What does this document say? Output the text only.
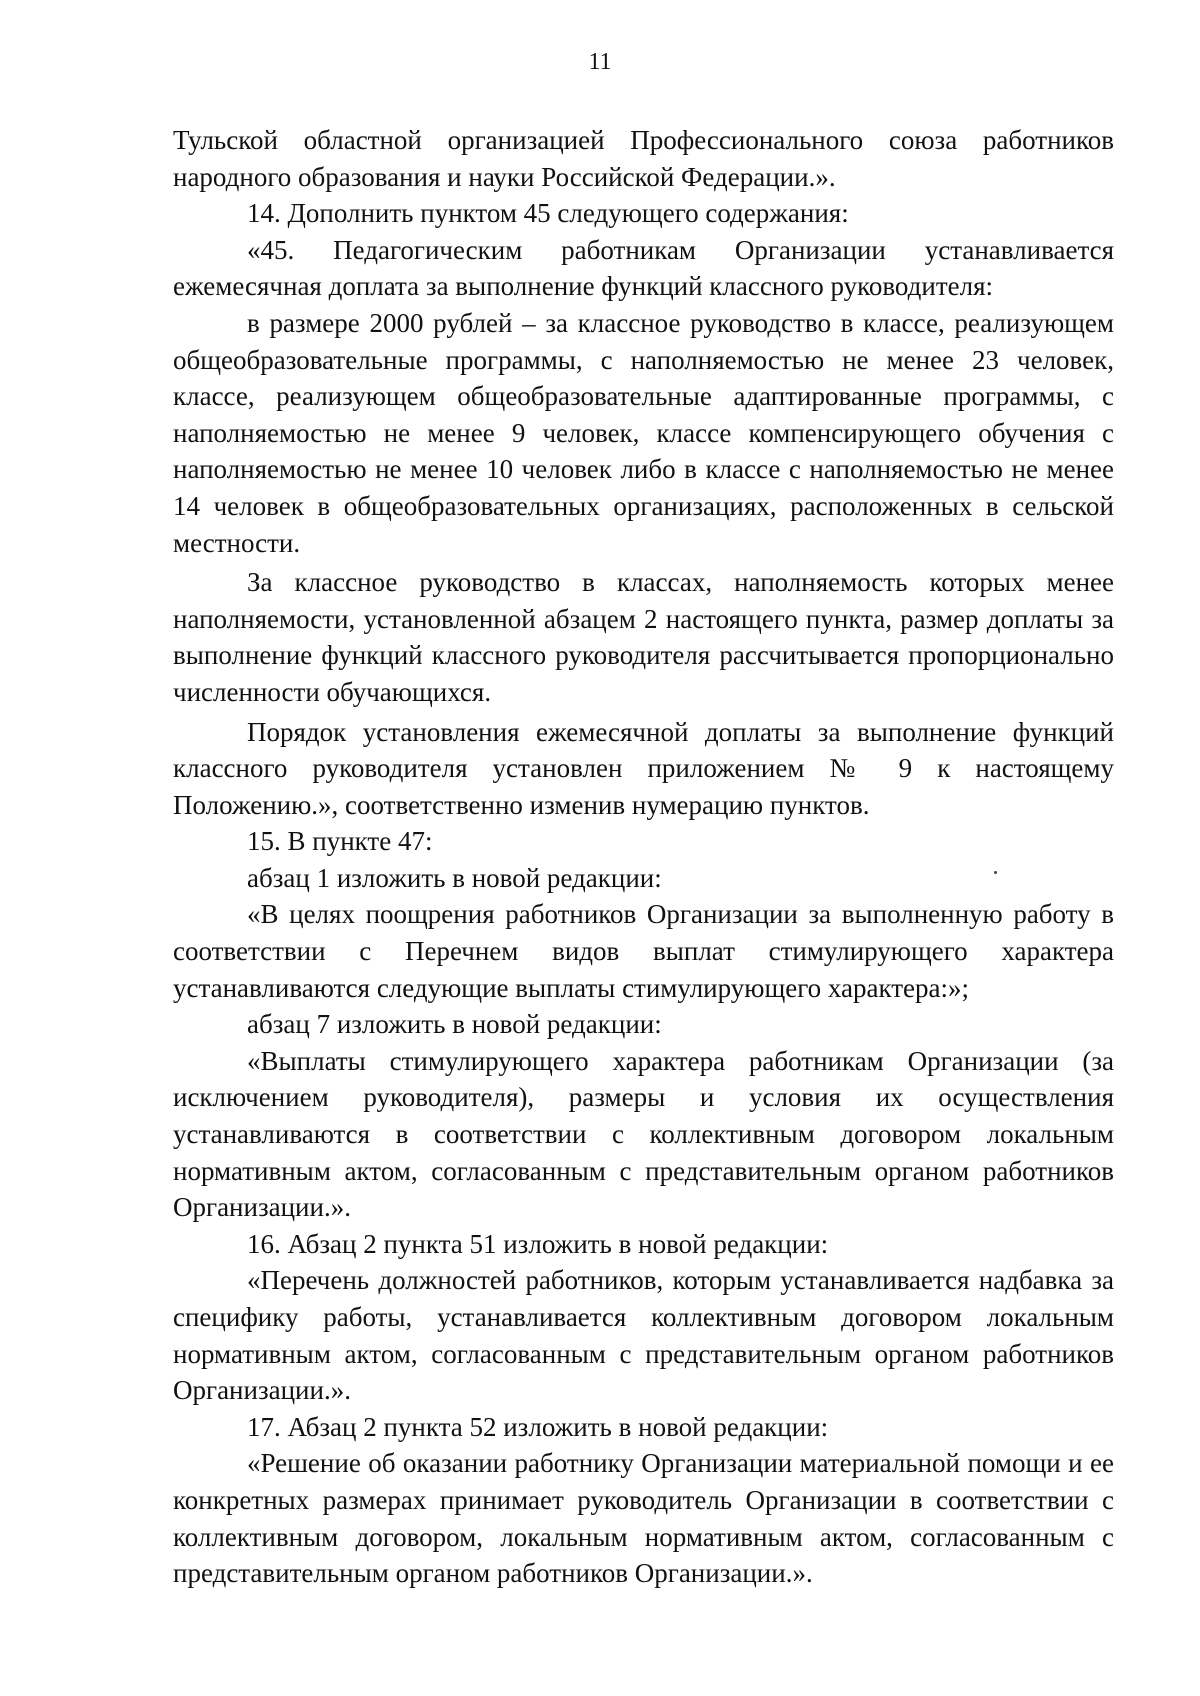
11

Тульской областной организацией Профессионального союза работников народного образования и науки Российской Федерации.».

14. Дополнить пунктом 45 следующего содержания:

«45. Педагогическим работникам Организации устанавливается ежемесячная доплата за выполнение функций классного руководителя:

в размере 2000 рублей – за классное руководство в классе, реализующем общеобразовательные программы, с наполняемостью не менее 23 человек, классе, реализующем общеобразовательные адаптированные программы, с наполняемостью не менее 9 человек, классе компенсирующего обучения с наполняемостью не менее 10 человек либо в классе с наполняемостью не менее 14 человек в общеобразовательных организациях, расположенных в сельской местности.

За классное руководство в классах, наполняемость которых менее наполняемости, установленной абзацем 2 настоящего пункта, размер доплаты за выполнение функций классного руководителя рассчитывается пропорционально численности обучающихся.

Порядок установления ежемесячной доплаты за выполнение функций классного руководителя установлен приложением № 9 к настоящему Положению.», соответственно изменив нумерацию пунктов.

15. В пункте 47:

абзац 1 изложить в новой редакции:

«В целях поощрения работников Организации за выполненную работу в соответствии с Перечнем видов выплат стимулирующего характера устанавливаются следующие выплаты стимулирующего характера:»;

абзац 7 изложить в новой редакции:

«Выплаты стимулирующего характера работникам Организации (за исключением руководителя), размеры и условия их осуществления устанавливаются в соответствии с коллективным договором локальным нормативным актом, согласованным с представительным органом работников Организации.».

16. Абзац 2 пункта 51 изложить в новой редакции:

«Перечень должностей работников, которым устанавливается надбавка за специфику работы, устанавливается коллективным договором локальным нормативным актом, согласованным с представительным органом работников Организации.».

17. Абзац 2 пункта 52 изложить в новой редакции:

«Решение об оказании работнику Организации материальной помощи и ее конкретных размерах принимает руководитель Организации в соответствии с коллективным договором, локальным нормативным актом, согласованным с представительным органом работников Организации.».
